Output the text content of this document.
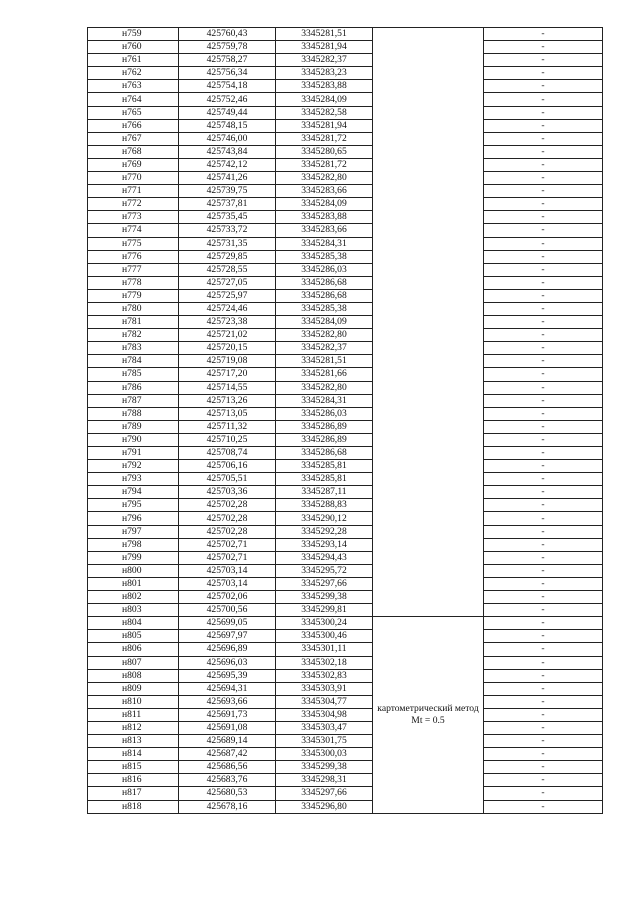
н759	425760,43	3345281,51		-
н760	425759,78	3345281,94		-
н761	425758,27	3345282,37		-
н762	425756,34	3345283,23		-
н763	425754,18	3345283,88		-
н764	425752,46	3345284,09		-
н765	425749,44	3345282,58		-
н766	425748,15	3345281,94		-
н767	425746,00	3345281,72		-
н768	425743,84	3345280,65		-
н769	425742,12	3345281,72		-
н770	425741,26	3345282,80		-
н771	425739,75	3345283,66		-
н772	425737,81	3345284,09		-
н773	425735,45	3345283,88		-
н774	425733,72	3345283,66		-
н775	425731,35	3345284,31		-
н776	425729,85	3345285,38		-
н777	425728,55	3345286,03		-
н778	425727,05	3345286,68		-
н779	425725,97	3345286,68		-
н780	425724,46	3345285,38		-
н781	425723,38	3345284,09		-
н782	425721,02	3345282,80		-
н783	425720,15	3345282,37		-
н784	425719,08	3345281,51		-
н785	425717,20	3345281,66		-
н786	425714,55	3345282,80		-
н787	425713,26	3345284,31		-
н788	425713,05	3345286,03		-
н789	425711,32	3345286,89		-
н790	425710,25	3345286,89		-
н791	425708,74	3345286,68		-
н792	425706,16	3345285,81		-
н793	425705,51	3345285,81		-
н794	425703,36	3345287,11		-
н795	425702,28	3345288,83		-
н796	425702,28	3345290,12		-
н797	425702,28	3345292,28		-
н798	425702,71	3345293,14		-
н799	425702,71	3345294,43		-
н800	425703,14	3345295,72		-
н801	425703,14	3345297,66		-
н802	425702,06	3345299,38		-
н803	425700,56	3345299,81		-
н804	425699,05	3345300,24	картометрический метод Mt = 0.5	-
н805	425697,97	3345300,46		-
н806	425696,89	3345301,11		-
н807	425696,03	3345302,18		-
н808	425695,39	3345302,83		-
н809	425694,31	3345303,91		-
н810	425693,66	3345304,77		-
н811	425691,73	3345304,98		-
н812	425691,08	3345303,47		-
н813	425689,14	3345301,75		-
н814	425687,42	3345300,03		-
н815	425686,56	3345299,38		-
н816	425683,76	3345298,31		-
н817	425680,53	3345297,66		-
н818	425678,16	3345296,80		-
